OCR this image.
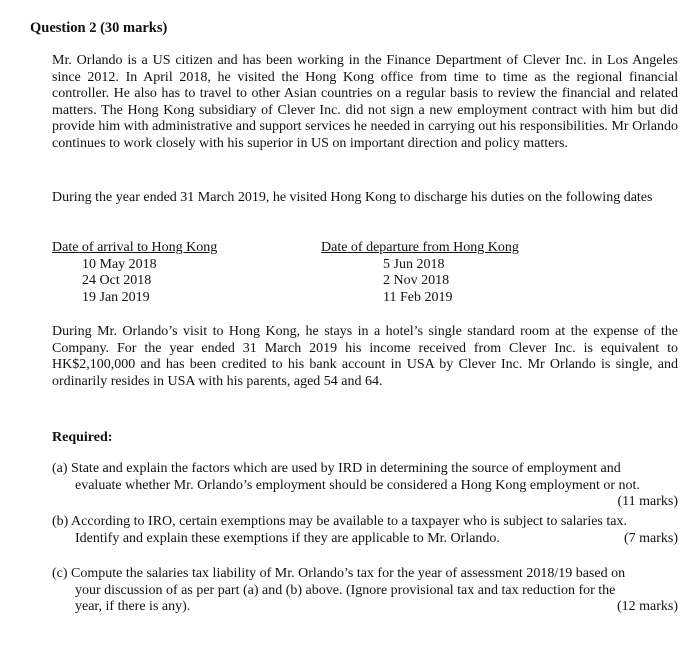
Question 2 (30 marks)
Mr. Orlando is a US citizen and has been working in the Finance Department of Clever Inc. in Los Angeles since 2012. In April 2018, he visited the Hong Kong office from time to time as the regional financial controller. He also has to travel to other Asian countries on a regular basis to review the financial and related matters. The Hong Kong subsidiary of Clever Inc. did not sign a new employment contract with him but did provide him with administrative and support services he needed in carrying out his responsibilities. Mr Orlando continues to work closely with his superior in US on important direction and policy matters.
During the year ended 31 March 2019, he visited Hong Kong to discharge his duties on the following dates
Date of arrival to Hong Kong
10 May 2018
24 Oct 2018
19 Jan 2019
Date of departure from Hong Kong
5 Jun 2018
2 Nov 2018
11 Feb 2019
During Mr. Orlando’s visit to Hong Kong, he stays in a hotel’s single standard room at the expense of the Company. For the year ended 31 March 2019 his income received from Clever Inc. is equivalent to HK$2,100,000 and has been credited to his bank account in USA by Clever Inc. Mr Orlando is single, and ordinarily resides in USA with his parents, aged 54 and 64.
Required:
(a) State and explain the factors which are used by IRD in determining the source of employment and
evaluate whether Mr. Orlando’s employment should be considered a Hong Kong employment or not.
(11 marks)
(b) According to IRO, certain exemptions may be available to a taxpayer who is subject to salaries tax.
Identify and explain these exemptions if they are applicable to Mr. Orlando.	(7 marks)
(c) Compute the salaries tax liability of Mr. Orlando’s tax for the year of assessment 2018/19 based on
your discussion of as per part (a) and (b) above. (Ignore provisional tax and tax reduction for the
year, if there is any).	(12 marks)
